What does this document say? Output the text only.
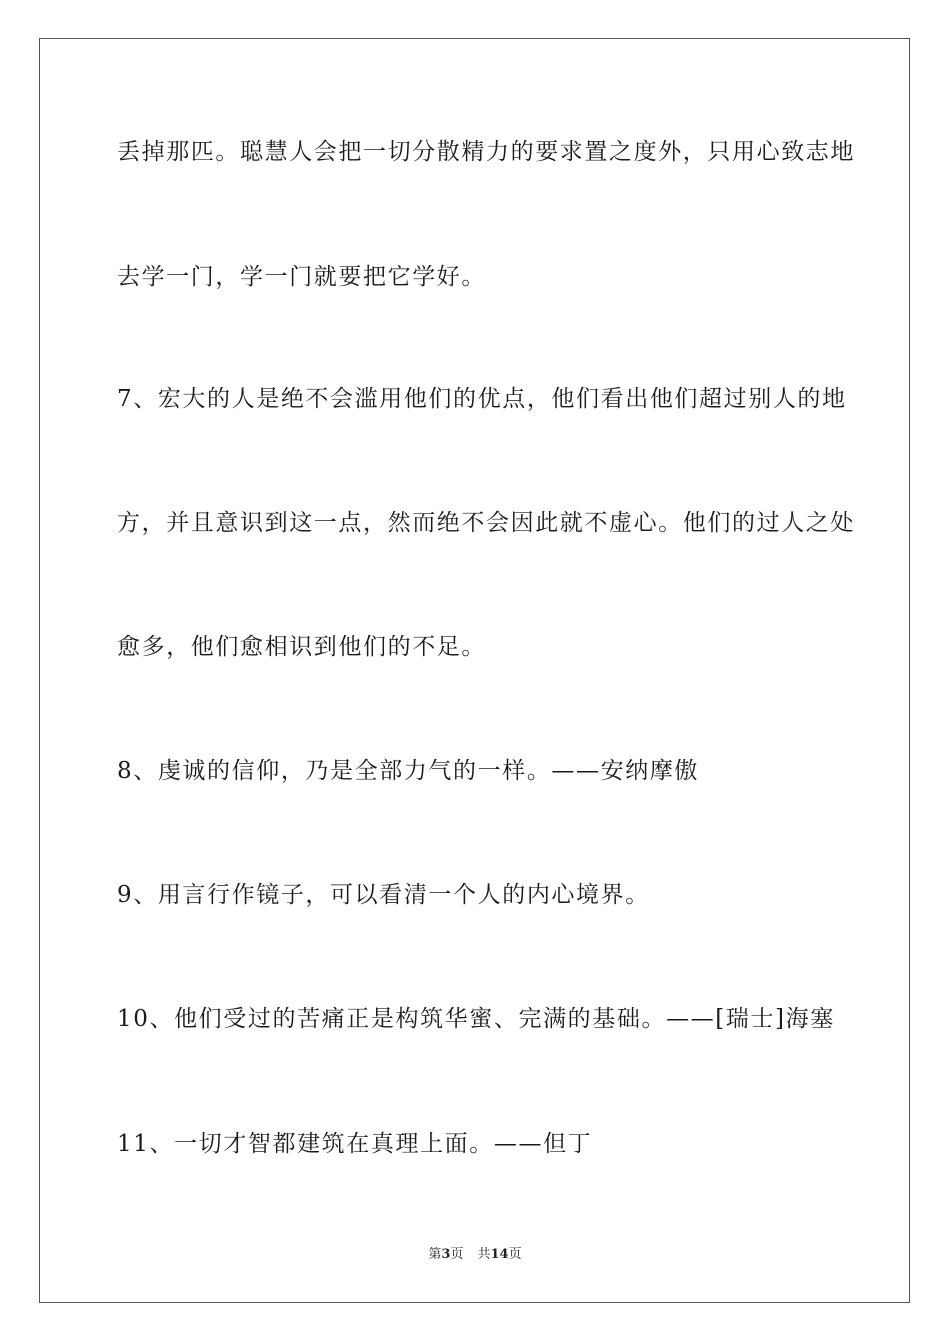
丢掉那匹。聪慧人会把一切分散精力的要求置之度外，只用心致志地
去学一门，学一门就要把它学好。
7、宏大的人是绝不会滥用他们的优点，他们看出他们超过别人的地
方，并且意识到这一点，然而绝不会因此就不虚心。他们的过人之处
愈多，他们愈相识到他们的不足。
8、虔诚的信仰，乃是全部力气的一样。——安纳摩傲
9、用言行作镜子，可以看清一个人的内心境界。
10、他们受过的苦痛正是构筑华蜜、完满的基础。——[瑞士]海塞
11、一切才智都建筑在真理上面。——但丁
第3页 共14页
